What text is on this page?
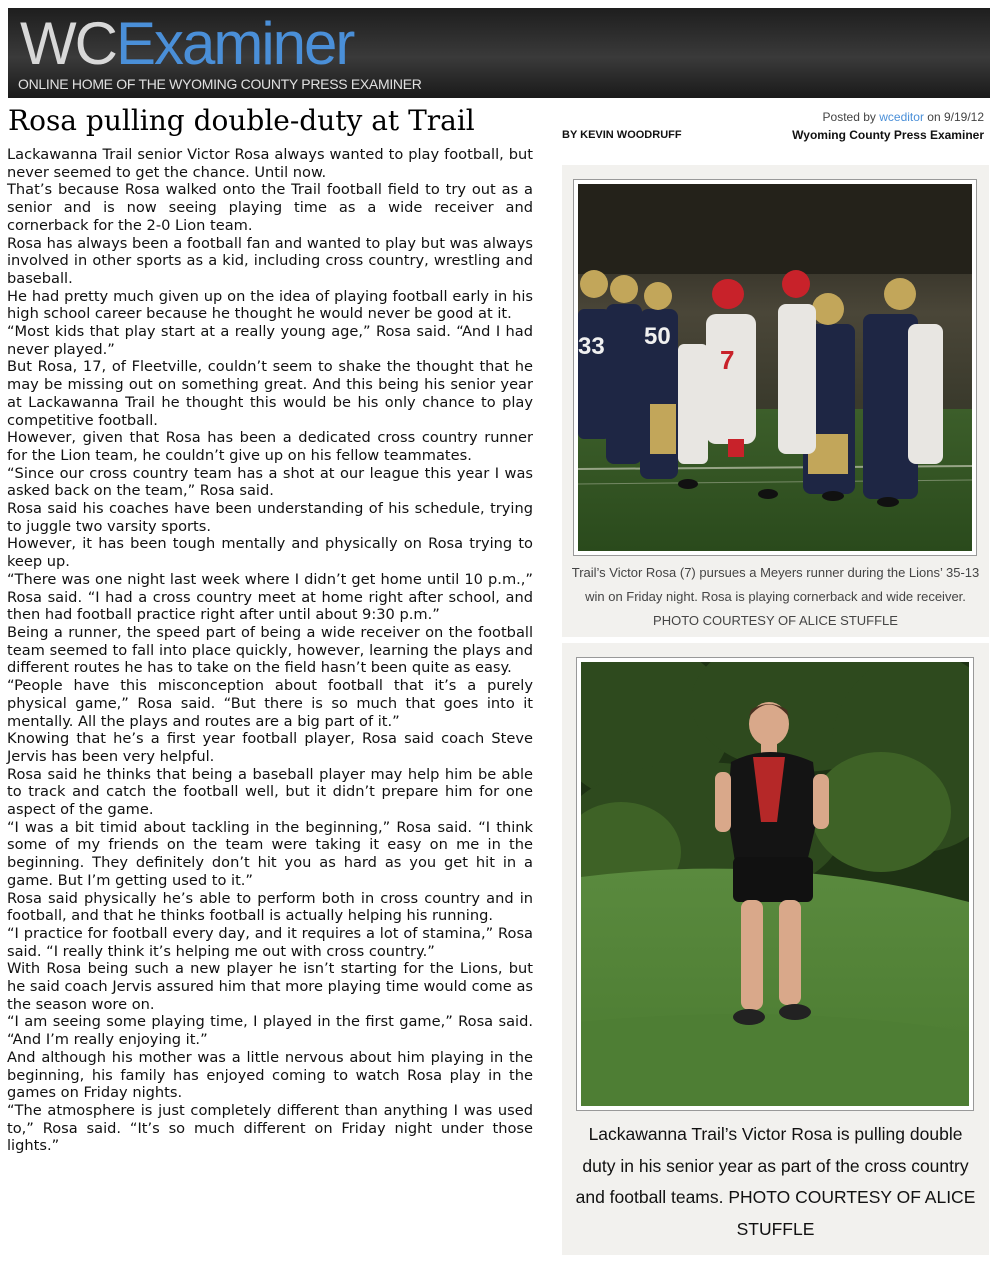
WCExaminer
ONLINE HOME OF THE WYOMING COUNTY PRESS EXAMINER
Rosa pulling double-duty at Trail	BY KEVIN WOODRUFF
Posted by wceditor on 9/19/12
Wyoming County Press Examiner

Lackawanna Trail senior Victor Rosa always wanted to play football, but never seemed to get the chance. Until now.

That’s because Rosa walked onto the Trail football field to try out as a senior and is now seeing playing time as a wide receiver and cornerback for the 2-0 Lion team.

Rosa has always been a football fan and wanted to play but was always involved in other sports as a kid, including cross country, wrestling and baseball.

He had pretty much given up on the idea of playing football early in his high school career because he thought he would never be good at it.

“Most kids that play start at a really young age,” Rosa said. “And I had never played.”

But Rosa, 17, of Fleetville, couldn’t seem to shake the thought that he may be missing out on something great. And this being his senior year at Lackawanna Trail he thought this would be his only chance to play competitive football.

However, given that Rosa has been a dedicated cross country runner for the Lion team, he couldn’t give up on his fellow teammates.

“Since our cross country team has a shot at our league this year I was asked back on the team,” Rosa said.

Rosa said his coaches have been understanding of his schedule, trying to juggle two varsity sports.

However, it has been tough mentally and physically on Rosa trying to keep up.

“There was one night last week where I didn’t get home until 10 p.m.,” Rosa said. “I had a cross country meet at home right after school, and then had football practice right after until about 9:30 p.m.”

Being a runner, the speed part of being a wide receiver on the football team seemed to fall into place quickly, however, learning the plays and different routes he has to take on the field hasn’t been quite as easy.

“People have this misconception about football that it’s a purely physical game,” Rosa said. “But there is so much that goes into it mentally. All the plays and routes are a big part of it.”

Knowing that he’s a first year football player, Rosa said coach Steve Jervis has been very helpful.

Rosa said he thinks that being a baseball player may help him be able to track and catch the football well, but it didn’t prepare him for one aspect of the game.

“I was a bit timid about tackling in the beginning,” Rosa said. “I think some of my friends on the team were taking it easy on me in the beginning. They definitely don’t hit you as hard as you get hit in a game. But I’m getting used to it.”

Rosa said physically he’s able to perform both in cross country and in football, and that he thinks football is actually helping his running.

“I practice for football every day, and it requires a lot of stamina,” Rosa said. “I really think it’s helping me out with cross country.”

With Rosa being such a new player he isn’t starting for the Lions, but he said coach Jervis assured him that more playing time would come as the season wore on.

“I am seeing some playing time, I played in the first game,” Rosa said. “And I’m really enjoying it.”

And although his mother was a little nervous about him playing in the beginning, his family has enjoyed coming to watch Rosa play in the games on Friday nights.

“The atmosphere is just completely different than anything I was used to,” Rosa said. “It’s so much different on Friday night under those lights.”

7
33 50
Trail’s Victor Rosa (7) pursues a Meyers runner during the Lions’ 35-13 win on Friday night. Rosa is playing cornerback and wide receiver. PHOTO COURTESY OF ALICE STUFFLE
Lackawanna Trail’s Victor Rosa is pulling double duty in his senior year as part of the cross country and football teams. PHOTO COURTESY OF ALICE STUFFLE
